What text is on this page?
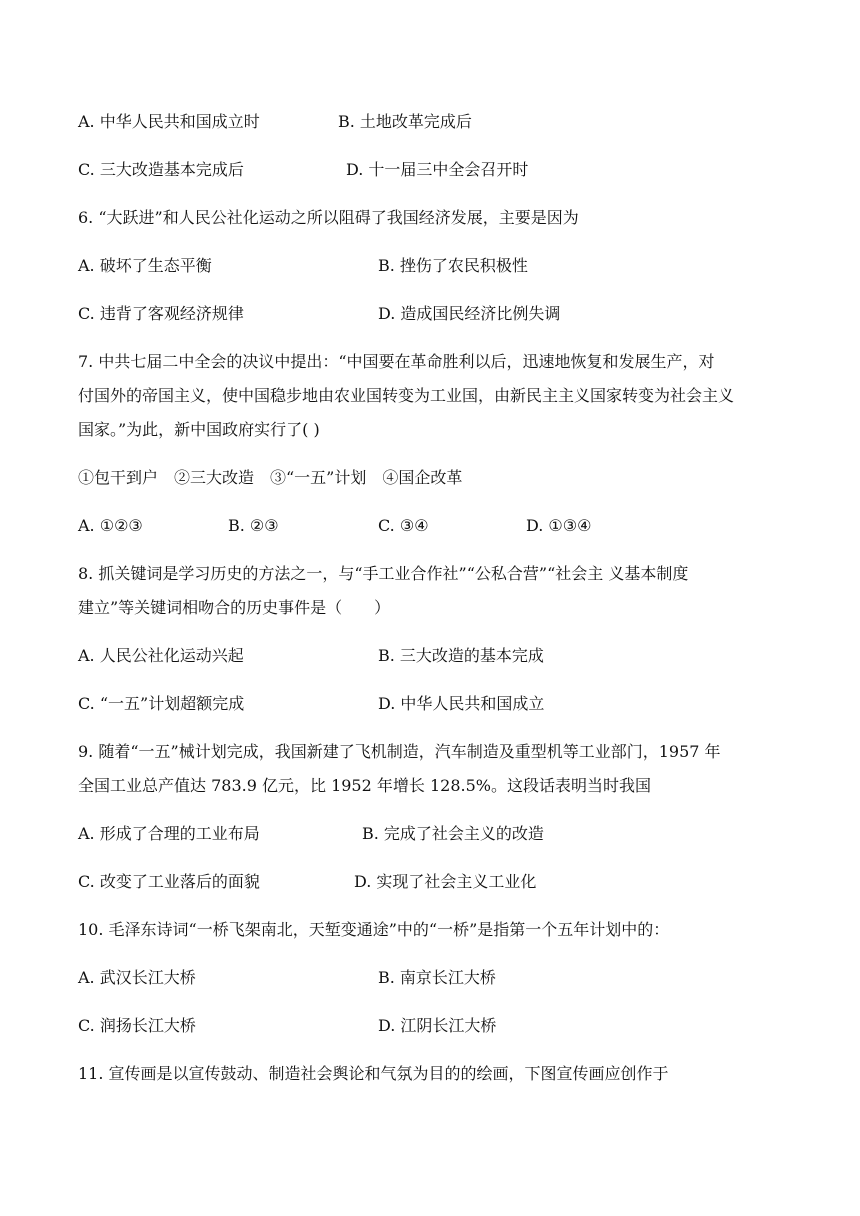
A. 中华人民共和国成立时	B. 土地改革完成后
C. 三大改造基本完成后	D. 十一届三中全会召开时
6. “大跃进”和人民公社化运动之所以阻碍了我国经济发展，主要是因为
A. 破坏了生态平衡	B. 挫伤了农民积极性
C. 违背了客观经济规律	D. 造成国民经济比例失调
7. 中共七届二中全会的决议中提出：“中国要在革命胜利以后，迅速地恢复和发展生产，对
付国外的帝国主义，使中国稳步地由农业国转变为工业国，由新民主主义国家转变为社会主义
国家。”为此，新中国政府实行了( )
①包干到户　②三大改造　③“一五”计划　④国企改革
A. ①②③	B. ②③	C. ③④	D. ①③④
8. 抓关键词是学习历史的方法之一，与“手工业合作社”“公私合营”“社会主 义基本制度
建立”等关键词相吻合的历史事件是（　　）
A. 人民公社化运动兴起	B. 三大改造的基本完成
C. “一五”计划超额完成	D. 中华人民共和国成立
9. 随着“一五”械计划完成，我国新建了飞机制造，汽车制造及重型机等工业部门，1957 年
全国工业总产值达 783.9 亿元，比 1952 年增长 128.5%。这段话表明当时我国
A. 形成了合理的工业布局	B. 完成了社会主义的改造
C. 改变了工业落后的面貌	D. 实现了社会主义工业化
10. 毛泽东诗词“一桥飞架南北，天堑变通途”中的“一桥”是指第一个五年计划中的：
A. 武汉长江大桥	B. 南京长江大桥
C. 润扬长江大桥	D. 江阴长江大桥
11. 宣传画是以宣传鼓动、制造社会舆论和气氛为目的的绘画，下图宣传画应创作于
